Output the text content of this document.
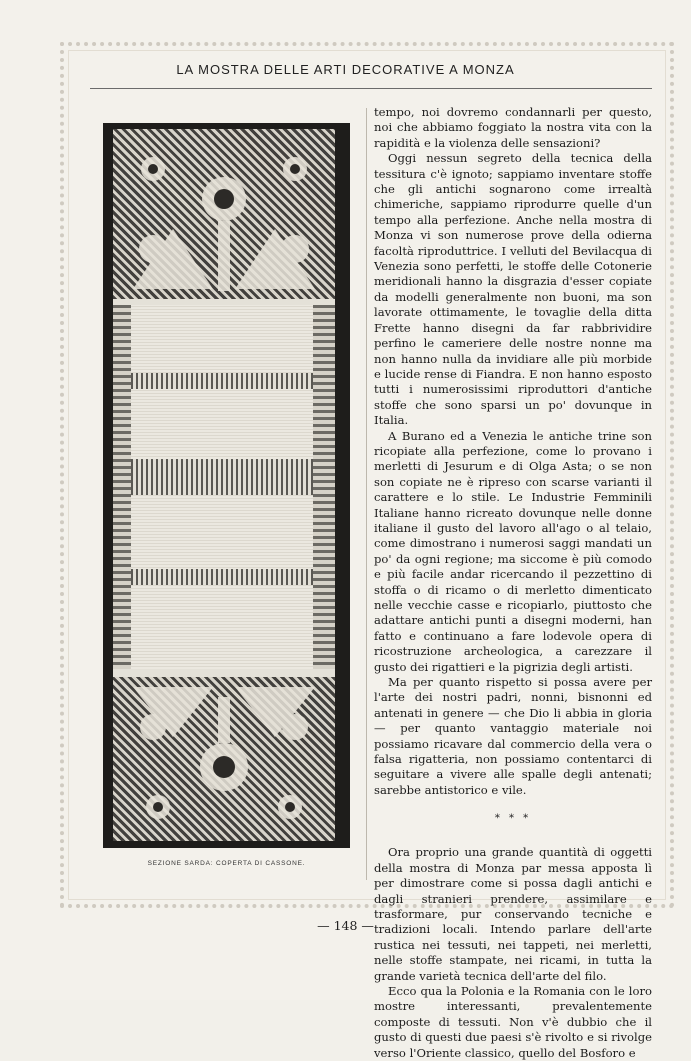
LA MOSTRA DELLE ARTI DECORATIVE A MONZA
SEZIONE SARDA: COPERTA DI CASSONE.

tempo, noi dovremo condannarli per questo, noi che abbiamo foggiato la nostra vita con la rapidità e la violenza delle sensazioni?

Oggi nessun segreto della tecnica della tessitura c'è ignoto; sappiamo inventare stoffe che gli antichi sognarono come irrealtà chimeriche, sappiamo riprodurre quelle d'un tempo alla perfezione. Anche nella mostra di Monza vi son numerose prove della odierna facoltà riproduttrice. I velluti del Bevilacqua di Venezia sono perfetti, le stoffe delle Cotonerie meridionali hanno la disgrazia d'esser copiate da modelli generalmente non buoni, ma son lavorate ottimamente, le tovaglie della ditta Frette hanno disegni da far rabbrividire perfino le cameriere delle nostre nonne ma non hanno nulla da invidiare alle più morbide e lucide rense di Fiandra. E non hanno esposto tutti i numerosissimi riproduttori d'antiche stoffe che sono sparsi un po' dovunque in Italia.

A Burano ed a Venezia le antiche trine son ricopiate alla perfezione, come lo provano i merletti di Jesurum e di Olga Asta; o se non son copiate ne è ripreso con scarse varianti il carattere e lo stile. Le Industrie Femminili Italiane hanno ricreato dovunque nelle donne italiane il gusto del lavoro all'ago o al telaio, come dimostrano i numerosi saggi mandati un po' da ogni regione; ma siccome è più comodo e più facile andar ricercando il pezzettino di stoffa o di ricamo o di merletto dimenticato nelle vecchie casse e ricopiarlo, piuttosto che adattare antichi punti a disegni moderni, han fatto e continuano a fare lodevole opera di ricostruzione archeologica, a carezzare il gusto dei rigattieri e la pigrizia degli artisti.

Ma per quanto rispetto si possa avere per l'arte dei nostri padri, nonni, bisnonni ed antenati in genere — che Dio li abbia in gloria — per quanto vantaggio materiale noi possiamo ricavare dal commercio della vera o falsa rigatteria, non possiamo contentarci di seguitare a vivere alle spalle degli antenati; sarebbe antistorico e vile.

* * *

Ora proprio una grande quantità di oggetti della mostra di Monza par messa apposta lì per dimostrare come si possa dagli antichi e dagli stranieri prendere, assimilare e trasformare, pur conservando tecniche e tradizioni locali. Intendo parlare dell'arte rustica nei tessuti, nei tappeti, nei merletti, nelle stoffe stampate, nei ricami, in tutta la grande varietà tecnica dell'arte del filo.

Ecco qua la Polonia e la Romania con le loro mostre interessanti, prevalentemente composte di tessuti. Non v'è dubbio che il gusto di questi due paesi s'è rivolto e si rivolge verso l'Oriente classico, quello del Bosforo e

— 148 —
